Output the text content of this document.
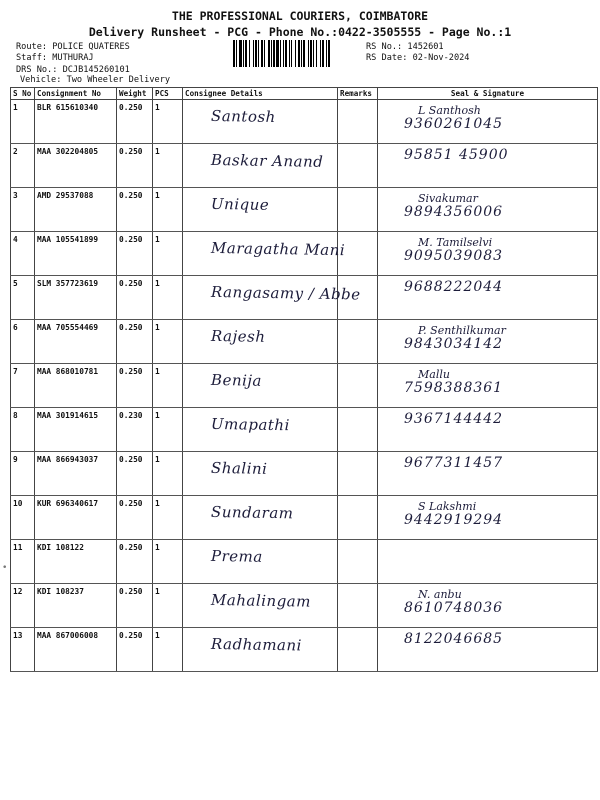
THE PROFESSIONAL COURIERS, COIMBATORE
Delivery Runsheet - PCG - Phone No.:0422-3505555 - Page No.:1
Route: POLICE QUATERES
Staff: MUTHURAJ
DRS No.: DCJB145260101
Vehicle: Two Wheeler Delivery
RS No.: 1452601
RS Date: 02-Nov-2024
S No	Consignment No	Weight	PCS	Consignee Details	Remarks	Seal & Signature
1	BLR 615610340	0.250	1	Santosh		L Santhosh
9360261045

2	MAA 302204805	0.250	1	Baskar Anand		95851 45900

3	AMD 29537088	0.250	1	Unique		Sivakumar
9894356006

4	MAA 105541899	0.250	1	Maragatha Mani		M. Tamilselvi
9095039083

5	SLM 357723619	0.250	1	Rangasamy / Abbe		9688222044

6	MAA 705554469	0.250	1	Rajesh		P. Senthilkumar
9843034142

7	MAA 868010781	0.250	1	Benija		Mallu
7598388361

8	MAA 301914615	0.230	1	Umapathi		9367144442

9	MAA 866943037	0.250	1	Shalini		9677311457

10	KUR 696340617	0.250	1	Sundaram		S Lakshmi
9442919294

11	KDI 108122	0.250	1	Prema		

12	KDI 108237	0.250	1	Mahalingam		N. anbu
8610748036

13	MAA 867006008	0.250	1	Radhamani		8122046685
•
